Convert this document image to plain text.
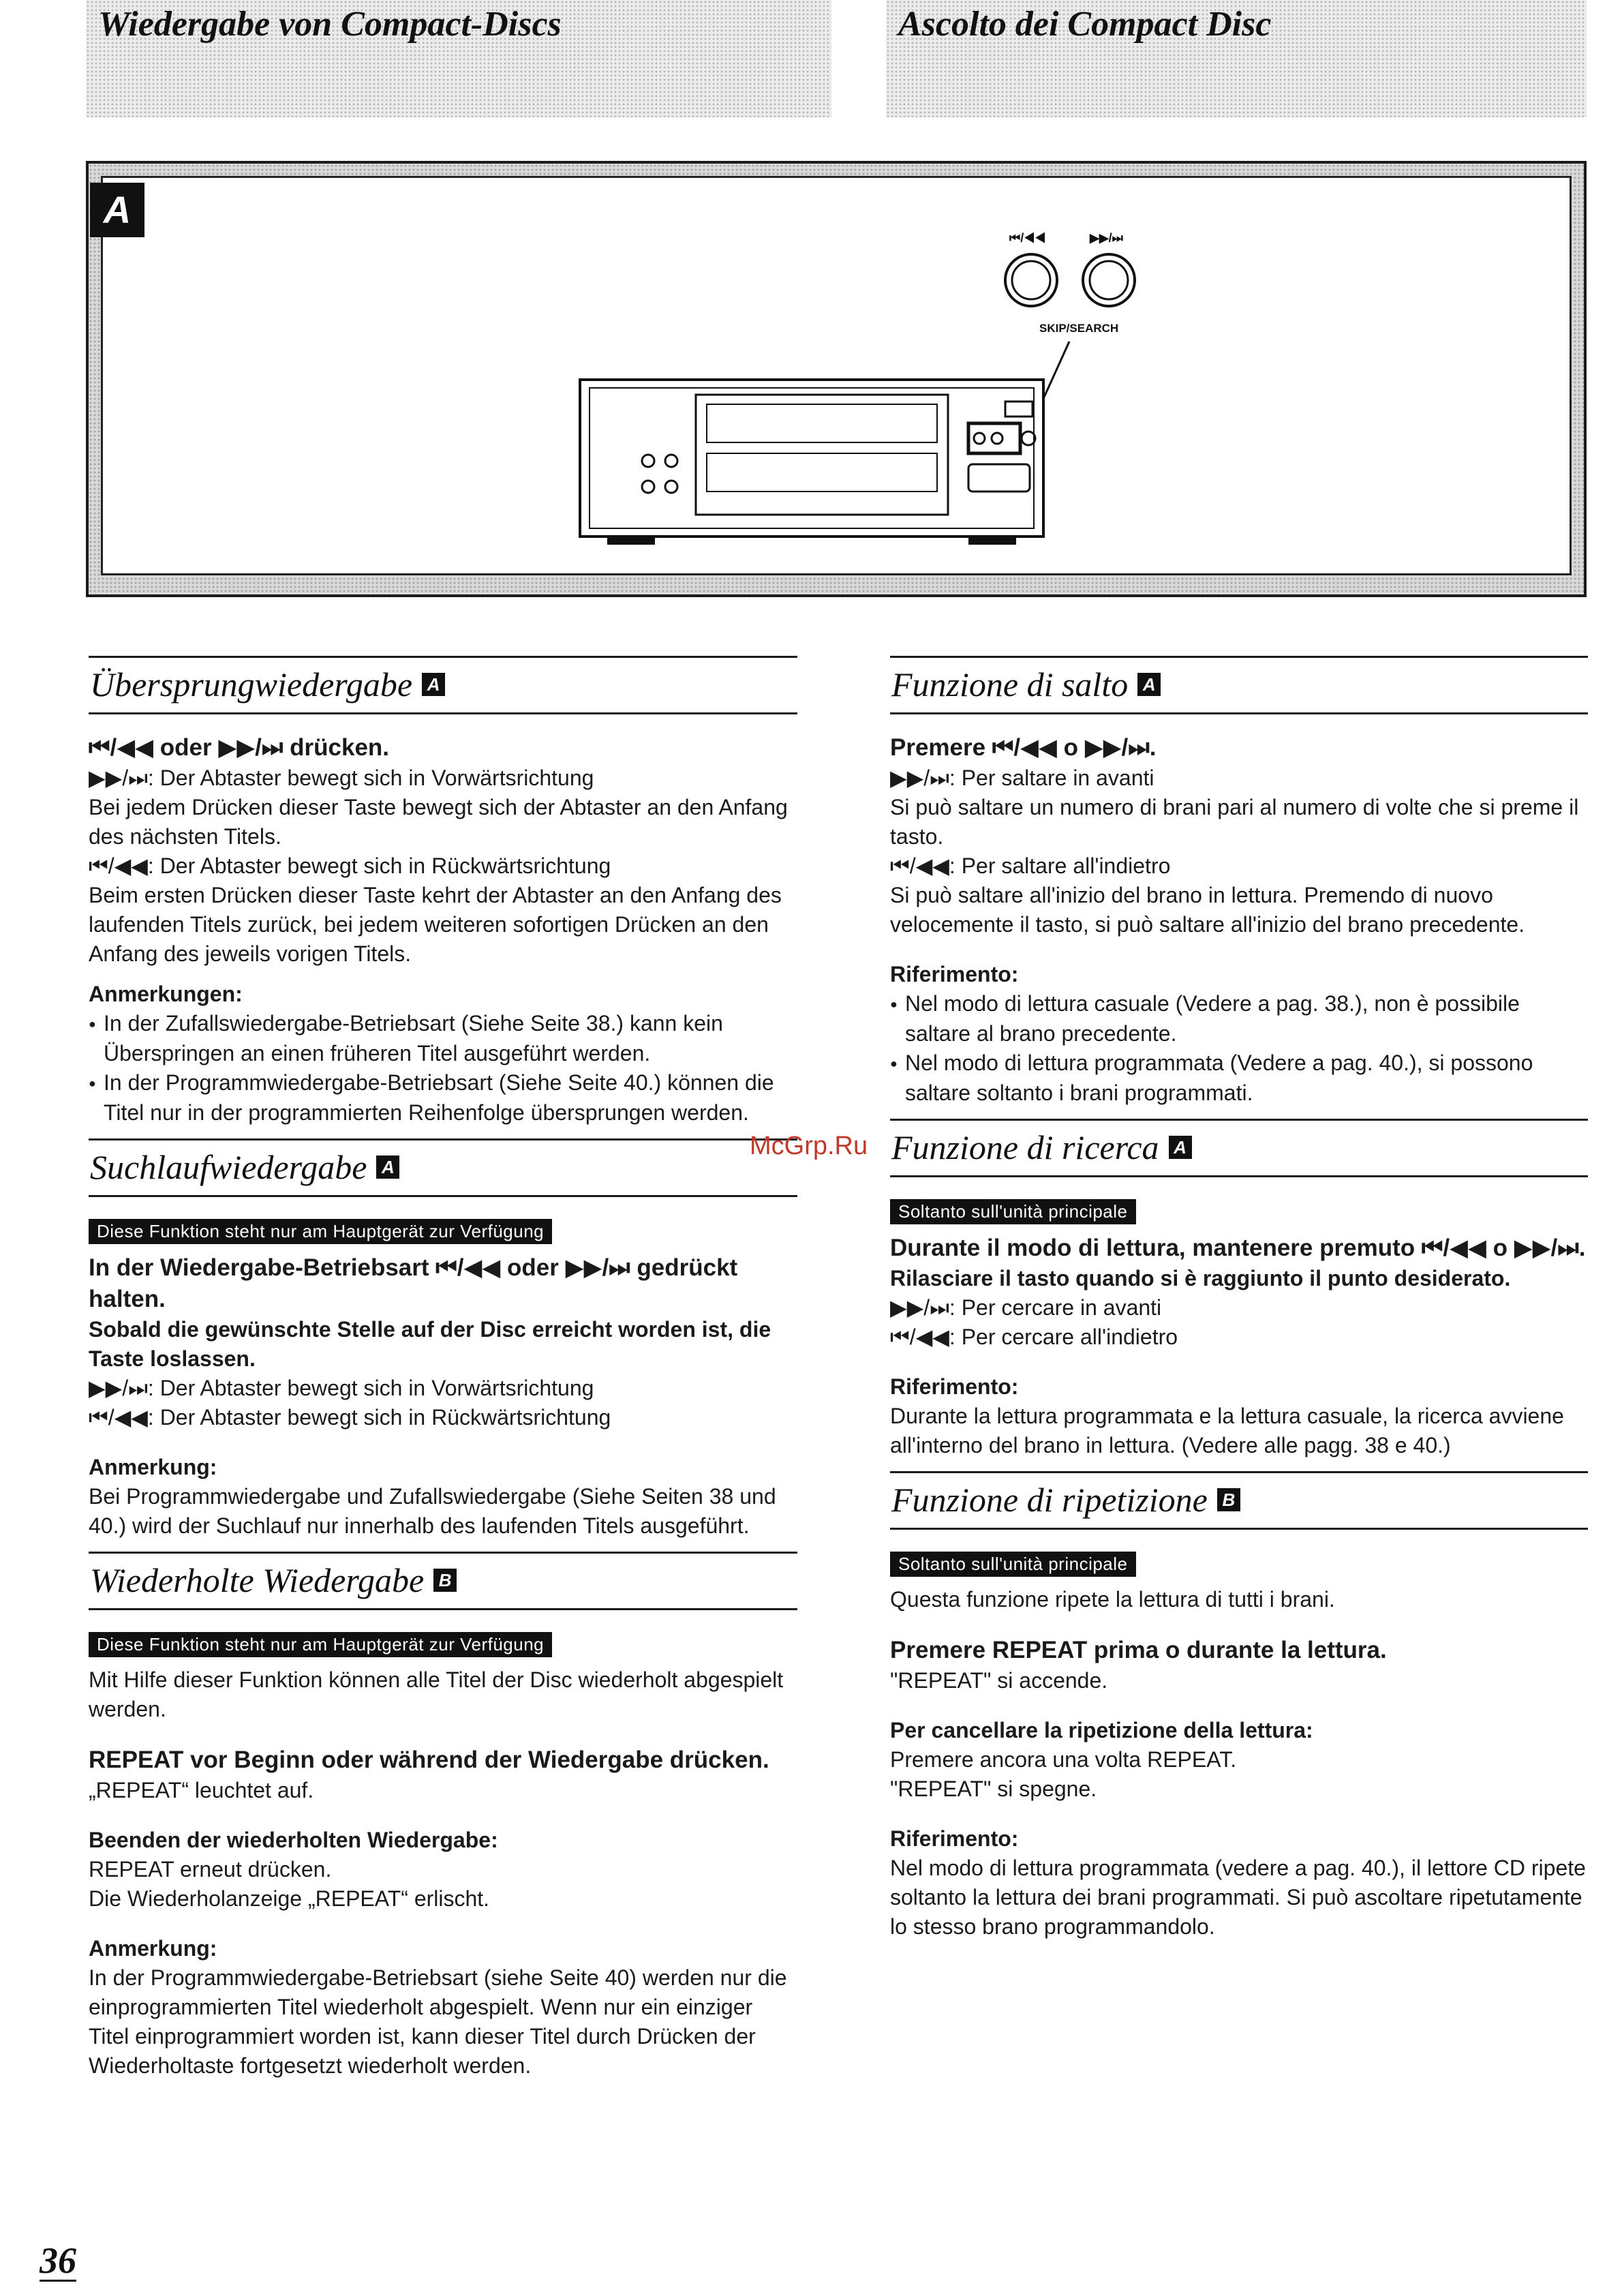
Wiedergabe von Compact-Discs	Ascolto dei Compact Disc
⏮/◀◀	▶▶/⏭
SKIP/SEARCH
A
Übersprungwiedergabe A
⏮/◀◀ oder ▶▶/⏭ drücken.

▶▶/⏭: Der Abtaster bewegt sich in Vorwärtsrichtung

Bei jedem Drücken dieser Taste bewegt sich der Abtaster an den Anfang des nächsten Titels.

⏮/◀◀: Der Abtaster bewegt sich in Rückwärtsrichtung

Beim ersten Drücken dieser Taste kehrt der Abtaster an den Anfang des laufenden Titels zurück, bei jedem weiteren sofortigen Drücken an den Anfang des jeweils vorigen Titels.

Anmerkungen:
● In der Zufallswiedergabe-Betriebsart (Siehe Seite 38.) kann kein Überspringen an einen früheren Titel ausgeführt werden.
● In der Programmwiedergabe-Betriebsart (Siehe Seite 40.) können die Titel nur in der programmierten Reihenfolge übersprungen werden.
Suchlaufwiedergabe A
Diese Funktion steht nur am Hauptgerät zur Verfügung
In der Wiedergabe-Betriebsart ⏮/◀◀ oder ▶▶/⏭ gedrückt halten.
Sobald die gewünschte Stelle auf der Disc erreicht worden ist, die Taste loslassen.

▶▶/⏭: Der Abtaster bewegt sich in Vorwärtsrichtung

⏮/◀◀: Der Abtaster bewegt sich in Rückwärtsrichtung

Anmerkung:

Bei Programmwiedergabe und Zufallswiedergabe (Siehe Seiten 38 und 40.) wird der Suchlauf nur innerhalb des laufenden Titels ausgeführt.

Wiederholte Wiedergabe B
Diese Funktion steht nur am Hauptgerät zur Verfügung

Mit Hilfe dieser Funktion können alle Titel der Disc wiederholt abgespielt werden.

REPEAT vor Beginn oder während der Wiedergabe drücken.

„REPEAT“ leuchtet auf.

Beenden der wiederholten Wiedergabe:

REPEAT erneut drücken.

Die Wiederholanzeige „REPEAT“ erlischt.

Anmerkung:

In der Programmwiedergabe-Betriebsart (siehe Seite 40) werden nur die einprogrammierten Titel wiederholt abgespielt. Wenn nur ein einziger Titel einprogrammiert worden ist, kann dieser Titel durch Drücken der Wiederholtaste fortgesetzt wiederholt werden.

Funzione di salto A
Premere ⏮/◀◀ o ▶▶/⏭.

▶▶/⏭: Per saltare in avanti

Si può saltare un numero di brani pari al numero di volte che si preme il tasto.

⏮/◀◀: Per saltare all'indietro

Si può saltare all'inizio del brano in lettura. Premendo di nuovo velocemente il tasto, si può saltare all'inizio del brano precedente.

Riferimento:
● Nel modo di lettura casuale (Vedere a pag. 38.), non è possibile saltare al brano precedente.
● Nel modo di lettura programmata (Vedere a pag. 40.), si possono saltare soltanto i brani programmati.
Funzione di ricerca A
Soltanto sull'unità principale
Durante il modo di lettura, mantenere premuto ⏮/◀◀ o ▶▶/⏭.
Rilasciare il tasto quando si è raggiunto il punto desiderato.

▶▶/⏭: Per cercare in avanti

⏮/◀◀: Per cercare all'indietro

Riferimento:

Durante la lettura programmata e la lettura casuale, la ricerca avviene all'interno del brano in lettura. (Vedere alle pagg. 38 e 40.)

Funzione di ripetizione B
Soltanto sull'unità principale

Questa funzione ripete la lettura di tutti i brani.

Premere REPEAT prima o durante la lettura.

"REPEAT" si accende.

Per cancellare la ripetizione della lettura:

Premere ancora una volta REPEAT.

"REPEAT" si spegne.

Riferimento:

Nel modo di lettura programmata (vedere a pag. 40.), il lettore CD ripete soltanto la lettura dei brani programmati. Si può ascoltare ripetutamente lo stesso brano programmandolo.

McGrp.Ru
36
